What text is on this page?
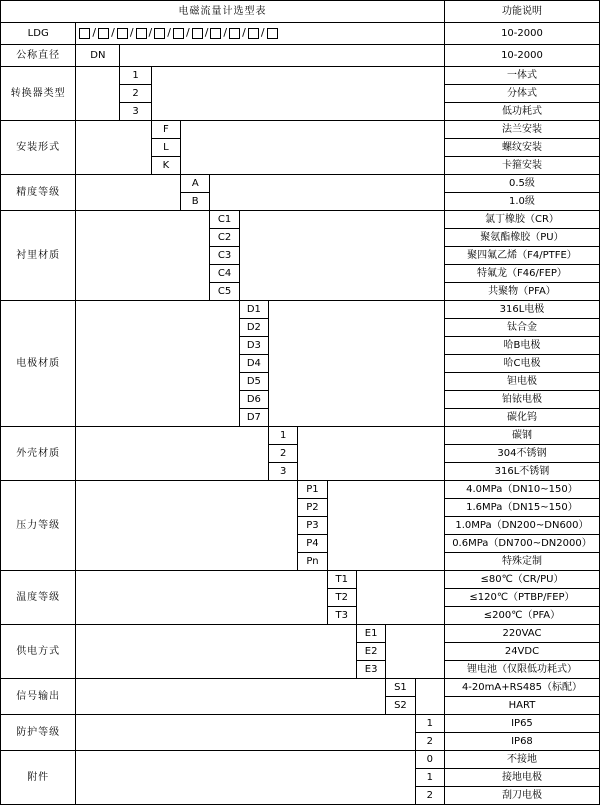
电磁流量计选型表													功能说明
LDG	/ / / / / / / / / /	10-2000
公称直径	DN												10-2000
转换器类型		1											一体式
		2											分体式
		3											低功耗式
安装形式			F										法兰安装
			L										螺纹安装
			K										卡箍安装
精度等级				A									0.5级
				B									1.0级
衬里材质					C1								氯丁橡胶（CR）
					C2								聚氨酯橡胶（PU）
					C3								聚四氟乙烯（F4/PTFE）
					C4								特氟龙（F46/FEP）
					C5								共聚物（PFA）
电极材质						D1							316L电极
						D2							钛合金
						D3							哈B电极
						D4							哈C电极
						D5							钽电极
						D6							铂铱电极
						D7							碳化钨
外壳材质							1						碳钢
							2						304不锈钢
							3						316L不锈钢
压力等级								P1					4.0MPa（DN10~150）
								P2					1.6MPa（DN15~150）
								P3					1.0MPa（DN200~DN600）
								P4					0.6MPa（DN700~DN2000）
								Pn					特殊定制
温度等级									T1				≤80℃（CR/PU）
									T2				≤120℃（PTBP/FEP）
									T3				≤200℃（PFA）
供电方式										E1			220VAC
										E2			24VDC
										E3			锂电池（仅限低功耗式）
信号输出											S1		4-20mA+RS485（标配）
											S2		HART
防护等级												1	IP65
												2	IP68
附件												0	不接地
												1	接地电极
												2	刮刀电极
